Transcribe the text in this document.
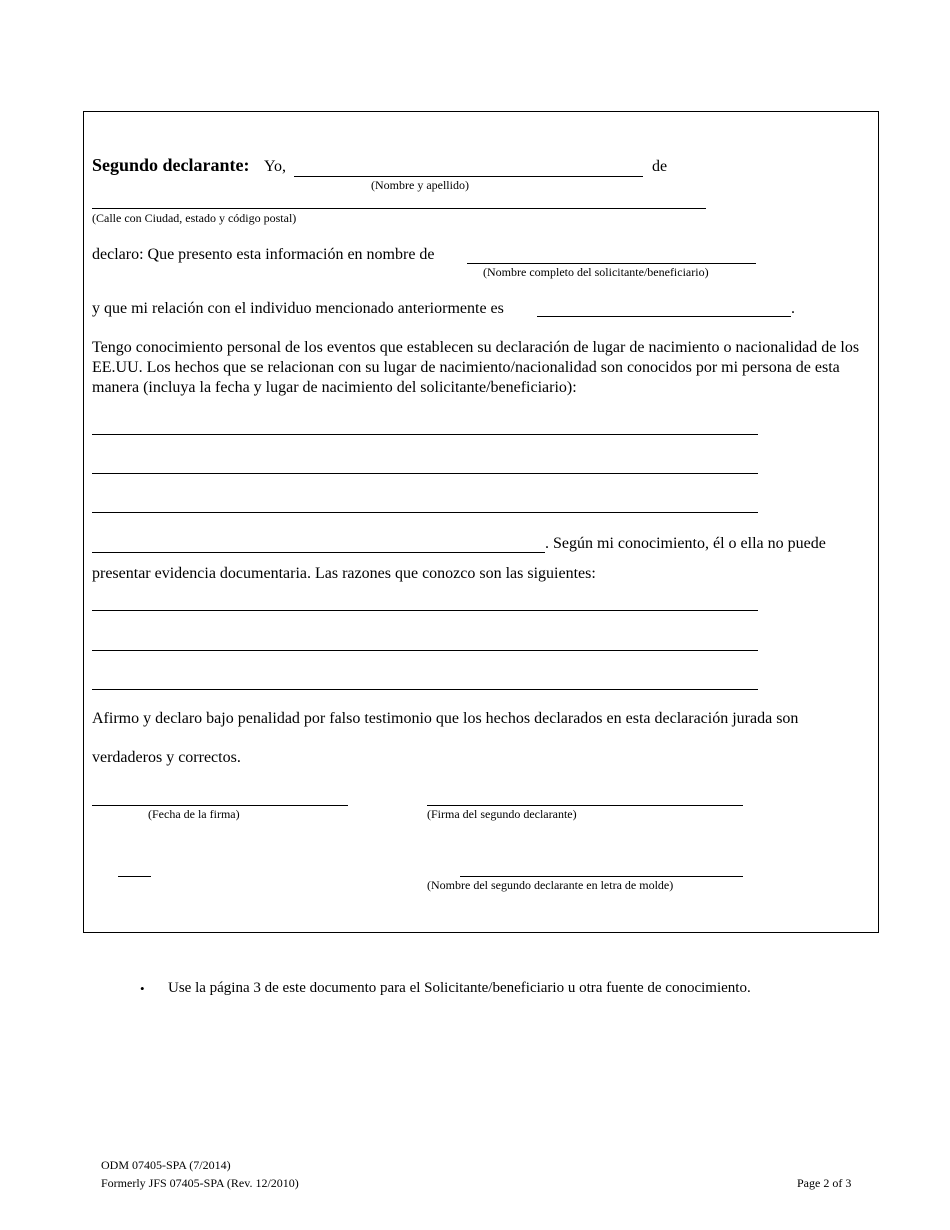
Segundo declarante: Yo,	de
(Nombre y apellido)
(Calle con Ciudad, estado y código postal)
declaro: Que presento esta información en nombre de
(Nombre completo del solicitante/beneficiario)
y que mi relación con el individuo mencionado anteriormente es	.
Tengo conocimiento personal de los eventos que establecen su declaración de lugar de nacimiento o nacionalidad de los EE.UU. Los hechos que se relacionan con su lugar de nacimiento/nacionalidad son conocidos por mi persona de esta manera (incluya la fecha y lugar de nacimiento del solicitante/beneficiario):
. Según mi conocimiento, él o ella no puede
presentar evidencia documentaria. Las razones que conozco son las siguientes:
Afirmo y declaro bajo penalidad por falso testimonio que los hechos declarados en esta declaración jurada son
verdaderos y correctos.
(Fecha de la firma)	(Firma del segundo declarante)
(Nombre del segundo declarante en letra de molde)
• Use la página 3 de este documento para el Solicitante/beneficiario u otra fuente de conocimiento.
ODM 07405-SPA (7/2014)
Formerly JFS 07405-SPA (Rev. 12/2010)	Page 2 of 3
